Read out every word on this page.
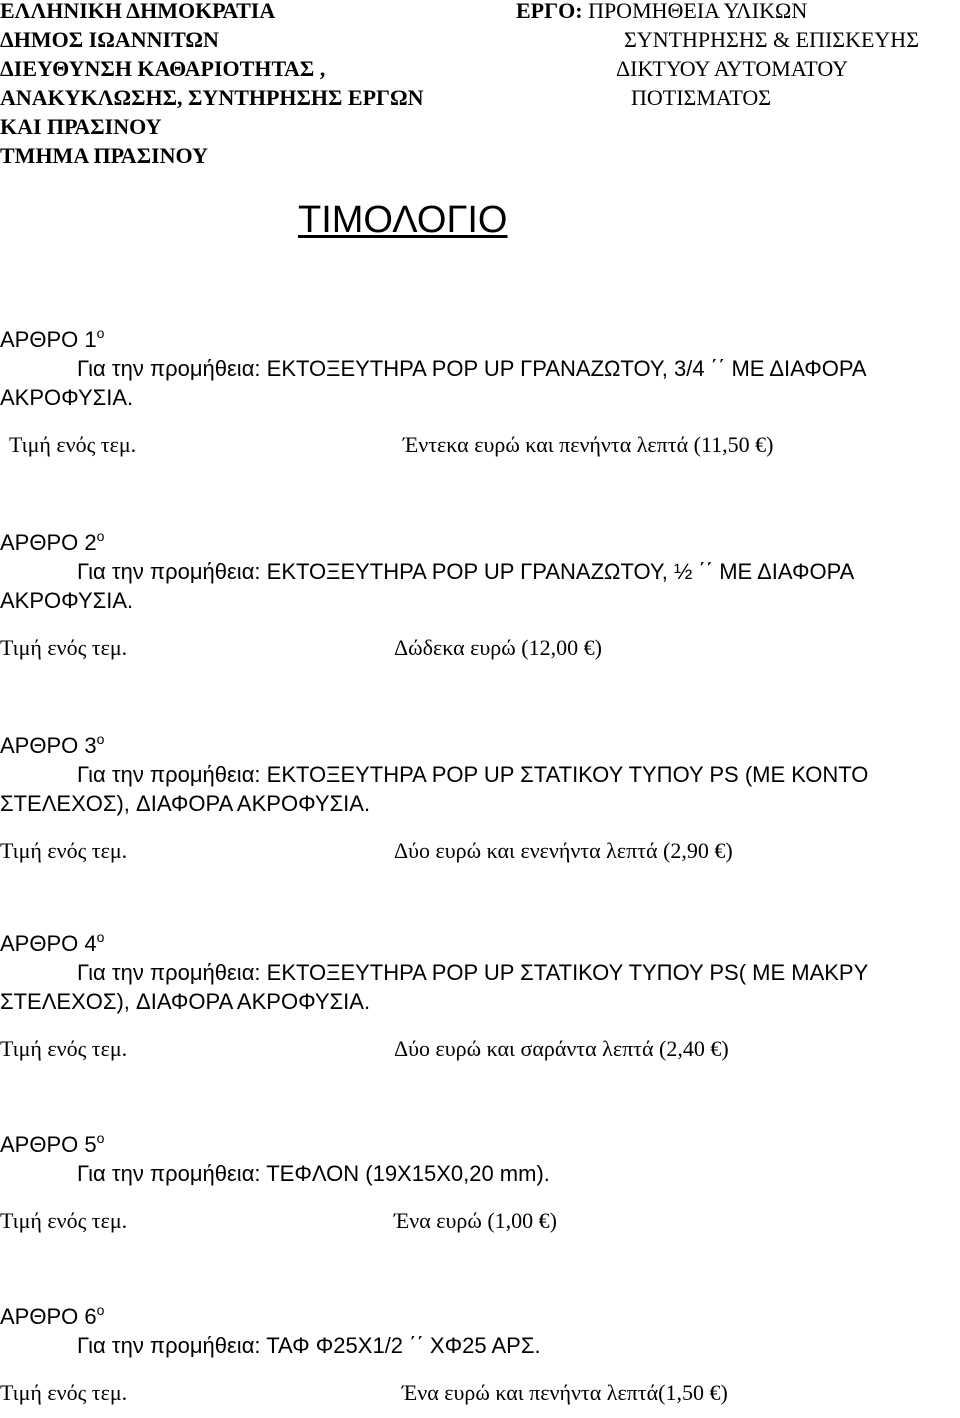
ΕΛΛΗΝΙΚΗ ΔΗΜΟΚΡΑΤΙΑ
ΔΗΜΟΣ ΙΩΑΝΝΙΤΩΝ
ΔΙΕΥΘΥΝΣΗ ΚΑΘΑΡΙΟΤΗΤΑΣ ,
ΑΝΑΚΥΚΛΩΣΗΣ, ΣΥΝΤΗΡΗΣΗΣ ΕΡΓΩΝ
ΚΑΙ ΠΡΑΣΙΝΟΥ
ΤΜΗΜΑ ΠΡΑΣΙΝΟΥ
ΕΡΓΟ: ΠΡΟΜΗΘΕΙΑ ΥΛΙΚΩΝ
ΣΥΝΤΗΡΗΣΗΣ & ΕΠΙΣΚΕΥΗΣ
ΔΙΚΤΥΟΥ ΑΥΤΟΜΑΤΟΥ
ΠΟΤΙΣΜΑΤΟΣ
ΤΙΜΟΛΟΓΙΟ
ΑΡΘΡΟ $1^o$
Για την προμήθεια: ΕΚΤΟΞΕΥΤΗΡΑ POP UP ΓΡΑΝΑΖΩΤΟΥ, 3/4 ΄΄ ΜΕ ΔΙΑΦΟΡΑ ΑΚΡΟΦΥΣΙΑ.
Τιμή ενός τεμ.	Έντεκα ευρώ και πενήντα λεπτά (11,50 €)
ΑΡΘΡΟ $2^o$
Για την προμήθεια: ΕΚΤΟΞΕΥΤΗΡΑ POP UP ΓΡΑΝΑΖΩΤΟΥ, ½ ΄΄ ΜΕ ΔΙΑΦΟΡΑ ΑΚΡΟΦΥΣΙΑ.
Τιμή ενός τεμ.	Δώδεκα ευρώ (12,00 €)
ΑΡΘΡΟ $3^o$
Για την προμήθεια: ΕΚΤΟΞΕΥΤΗΡΑ POP UP ΣΤΑΤΙΚΟΥ ΤΥΠΟΥ PS (ΜΕ ΚΟΝΤΟ ΣΤΕΛΕΧΟΣ), ΔΙΑΦΟΡΑ ΑΚΡΟΦΥΣΙΑ.
Τιμή ενός τεμ.	Δύο ευρώ και ενενήντα λεπτά (2,90 €)
ΑΡΘΡΟ $4^o$
Για την προμήθεια: ΕΚΤΟΞΕΥΤΗΡΑ POP UP ΣΤΑΤΙΚΟΥ ΤΥΠΟΥ PS( ΜΕ ΜΑΚΡΥ ΣΤΕΛΕΧΟΣ), ΔΙΑΦΟΡΑ ΑΚΡΟΦΥΣΙΑ.
Τιμή ενός τεμ.	Δύο ευρώ και σαράντα λεπτά (2,40 €)
ΑΡΘΡΟ $5^o$
Για την προμήθεια: ΤΕΦΛΟΝ (19Χ15Χ0,20 mm).
Τιμή ενός τεμ.	Ένα ευρώ (1,00 €)
ΑΡΘΡΟ $6^o$
Για την προμήθεια: ΤΑΦ Φ25Χ1/2 ΄΄ ΧΦ25 ΑΡΣ.
Τιμή ενός τεμ.	Ένα ευρώ και πενήντα λεπτά(1,50 €)
